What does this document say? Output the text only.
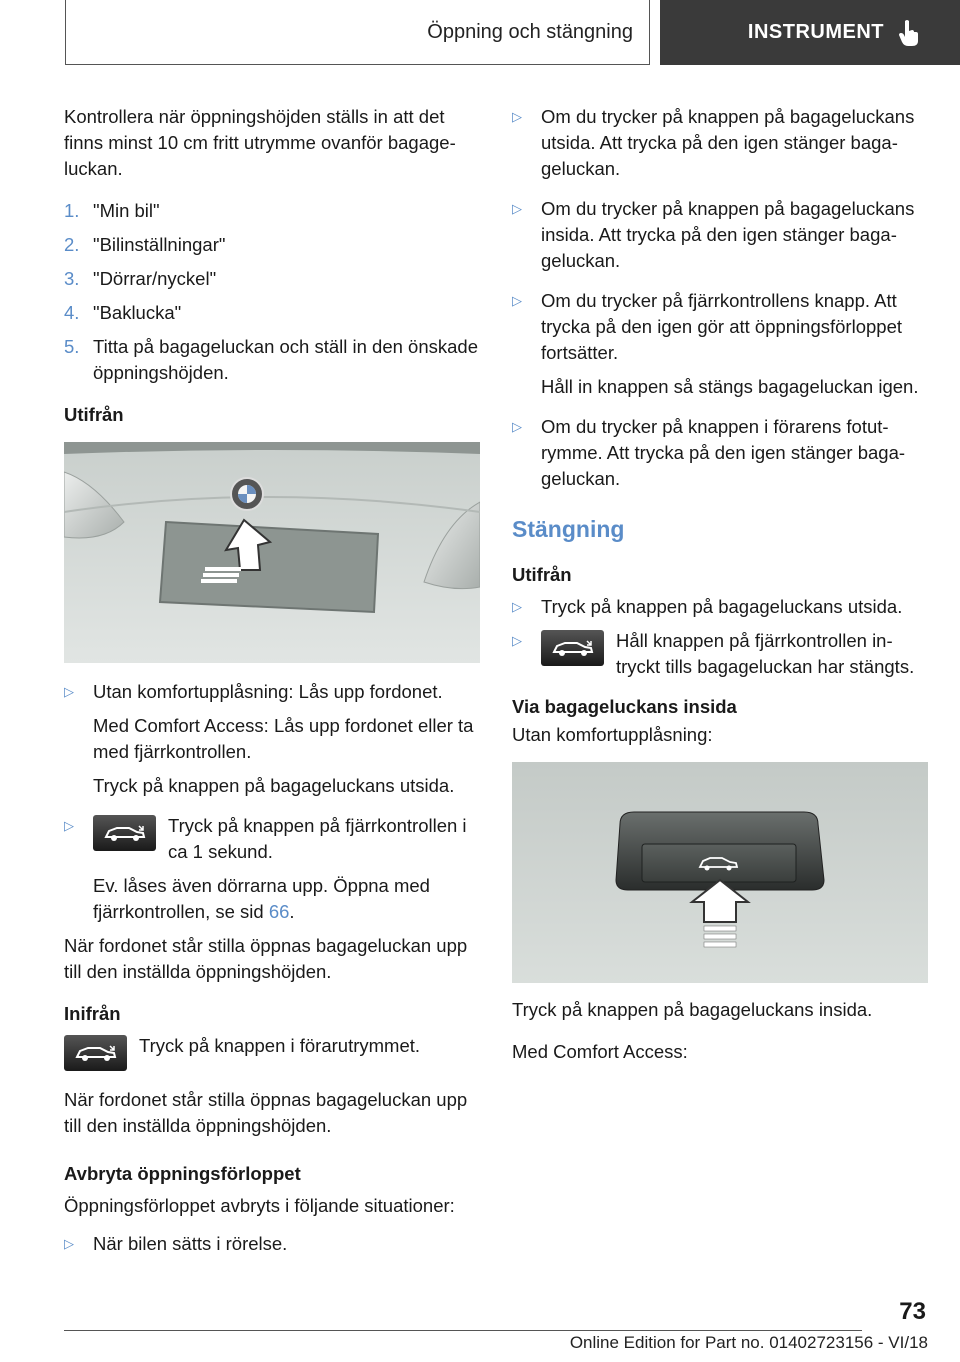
Öppning och stängning	INSTRUMENT

Kontrollera när öppningshöjden ställs in att det finns minst 10 cm fritt utrymme ovanför bagageluckan.

1. "Min bil"
2. "Bilinställningar"
3. "Dörrar/nyckel"
4. "Baklucka"
5. Titta på bagageluckan och ställ in den önskade öppningshöjden.
Utifrån
▷	Utan komfortupplåsning: Lås upp fordonet.

Med Comfort Access: Lås upp fordonet eller ta med fjärrkontrollen.

Tryck på knappen på bagageluckans utsida.

▷	Tryck på knappen på fjärrkontrollen i ca 1 sekund.

Ev. låses även dörrarna upp. Öppna med fjärrkontrollen, se sid 66.

När fordonet står stilla öppnas bagageluckan upp till den inställda öppningshöjden.

Inifrån
Tryck på knappen i förarutrymmet.

När fordonet står stilla öppnas bagageluckan upp till den inställda öppningshöjden.

Avbryta öppningsförloppet

Öppningsförloppet avbryts i följande situationer:

▷	När bilen sätts i rörelse.
▷	Om du trycker på knappen på bagageluckans utsida. Att trycka på den igen stänger bagageluckan.

▷	Om du trycker på knappen på bagageluckans insida. Att trycka på den igen stänger bagageluckan.

▷	Om du trycker på fjärrkontrollens knapp. Att trycka på den igen gör att öppningsförloppet fortsätter.

Håll in knappen så stängs bagageluckan igen.

▷	Om du trycker på knappen i förarens fotutrymme. Att trycka på den igen stänger bagageluckan.

Stängning
Utifrån
▷	Tryck på knappen på bagageluckans utsida.
▷	Håll knappen på fjärrkontrollen intryckt tills bagageluckan har stängts.
Via bagageluckans insida

Utan komfortupplåsning:

Tryck på knappen på bagageluckans insida.

Med Comfort Access:

73
Online Edition for Part no. 01402723156 - VI/18
